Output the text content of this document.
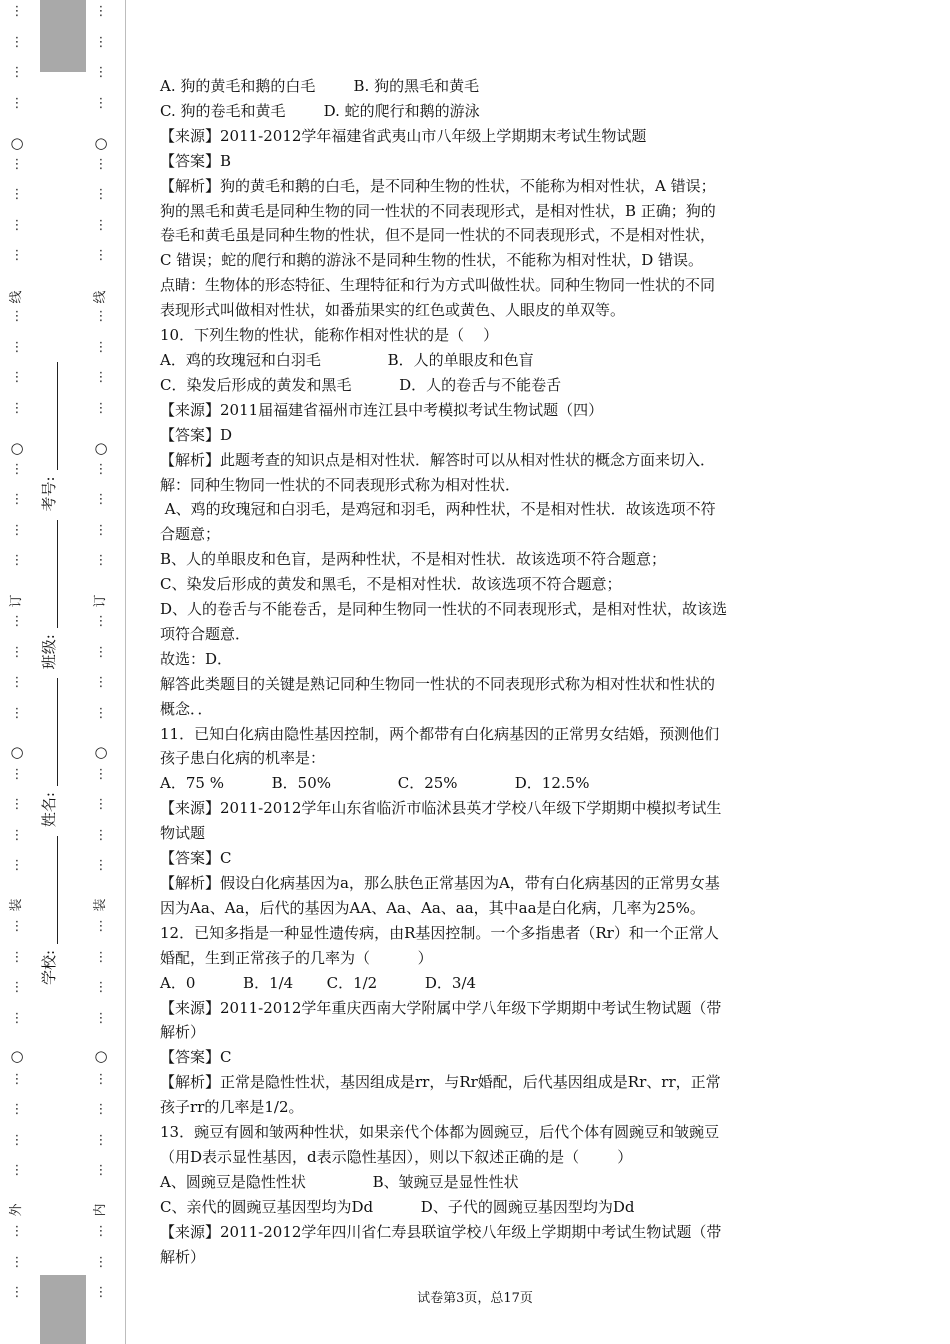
⋮
⋮
⋮
⋮
⋮
⋮
⋮
⋮
⋮
⋮
⋮
⋮
⋮
⋮
⋮
⋮
⋮
⋮
⋮
⋮
⋮
⋮
⋮
⋮
⋮
⋮
⋮
⋮
⋮
⋮
⋮
⋮
⋮
⋮
⋮
○
○
○
○
外
装
订
线
⋮
⋮
⋮
⋮
⋮
⋮
⋮
⋮
⋮
⋮
⋮
⋮
⋮
⋮
⋮
⋮
⋮
⋮
⋮
⋮
⋮
⋮
⋮
⋮
⋮
⋮
⋮
⋮
⋮
⋮
⋮
⋮
⋮
⋮
⋮
○
○
○
○
内
装
订
线
学校: 姓名: 班级: 考号:

A. 狗的黄毛和鹅的白毛        B. 狗的黑毛和黄毛

C. 狗的卷毛和黄毛        D. 蛇的爬行和鹅的游泳

【来源】2011-2012学年福建省武夷山市八年级上学期期末考试生物试题

【答案】B

【解析】狗的黄毛和鹅的白毛，是不同种生物的性状，不能称为相对性状，A 错误；

狗的黑毛和黄毛是同种生物的同一性状的不同表现形式，是相对性状，B 正确；狗的

卷毛和黄毛虽是同种生物的性状，但不是同一性状的不同表现形式，不是相对性状，

C 错误；蛇的爬行和鹅的游泳不是同种生物的性状，不能称为相对性状，D 错误。

点睛：生物体的形态特征、生理特征和行为方式叫做性状。同种生物同一性状的不同

表现形式叫做相对性状，如番茄果实的红色或黄色、人眼皮的单双等。

10．下列生物的性状，能称作相对性状的是（    ）

A．鸡的玫瑰冠和白羽毛              B．人的单眼皮和色盲

C．染发后形成的黄发和黑毛          D．人的卷舌与不能卷舌

【来源】2011届福建省福州市连江县中考模拟考试生物试题（四）

【答案】D

【解析】此题考查的知识点是相对性状．解答时可以从相对性状的概念方面来切入．

解：同种生物同一性状的不同表现形式称为相对性状．

A、鸡的玫瑰冠和白羽毛，是鸡冠和羽毛，两种性状，不是相对性状．故该选项不符

合题意；

B、人的单眼皮和色盲，是两种性状，不是相对性状．故该选项不符合题意；

C、染发后形成的黄发和黑毛，不是相对性状．故该选项不符合题意；

D、人的卷舌与不能卷舌，是同种生物同一性状的不同表现形式，是相对性状，故该选

项符合题意．

故选：D．

解答此类题目的关键是熟记同种生物同一性状的不同表现形式称为相对性状和性状的

概念．．

11．已知白化病由隐性基因控制，两个都带有白化病基因的正常男女结婚，预测他们

孩子患白化病的机率是：

A．75 %          B．50%              C．25%            D．12.5%

【来源】2011-2012学年山东省临沂市临沭县英才学校八年级下学期期中模拟考试生

物试题

【答案】C

【解析】假设白化病基因为a，那么肤色正常基因为A，带有白化病基因的正常男女基

因为Aa、Aa，后代的基因为AA、Aa、Aa、aa，其中aa是白化病，几率为25%。

12．已知多指是一种显性遗传病，由R基因控制。一个多指患者（Rr）和一个正常人

婚配，生到正常孩子的几率为（          ）

A．0          B．1/4       C．1/2          D．3/4

【来源】2011-2012学年重庆西南大学附属中学八年级下学期期中考试生物试题（带

解析）

【答案】C

【解析】正常是隐性性状，基因组成是rr，与Rr婚配，后代基因组成是Rr、rr，正常

孩子rr的几率是1/2。

13．豌豆有圆和皱两种性状，如果亲代个体都为圆豌豆，后代个体有圆豌豆和皱豌豆

（用D表示显性基因，d表示隐性基因），则以下叙述正确的是（        ）

A、圆豌豆是隐性性状              B、皱豌豆是显性性状

C、亲代的圆豌豆基因型均为Dd          D、子代的圆豌豆基因型均为Dd

【来源】2011-2012学年四川省仁寿县联谊学校八年级上学期期中考试生物试题（带

解析）

试卷第3页，总17页
